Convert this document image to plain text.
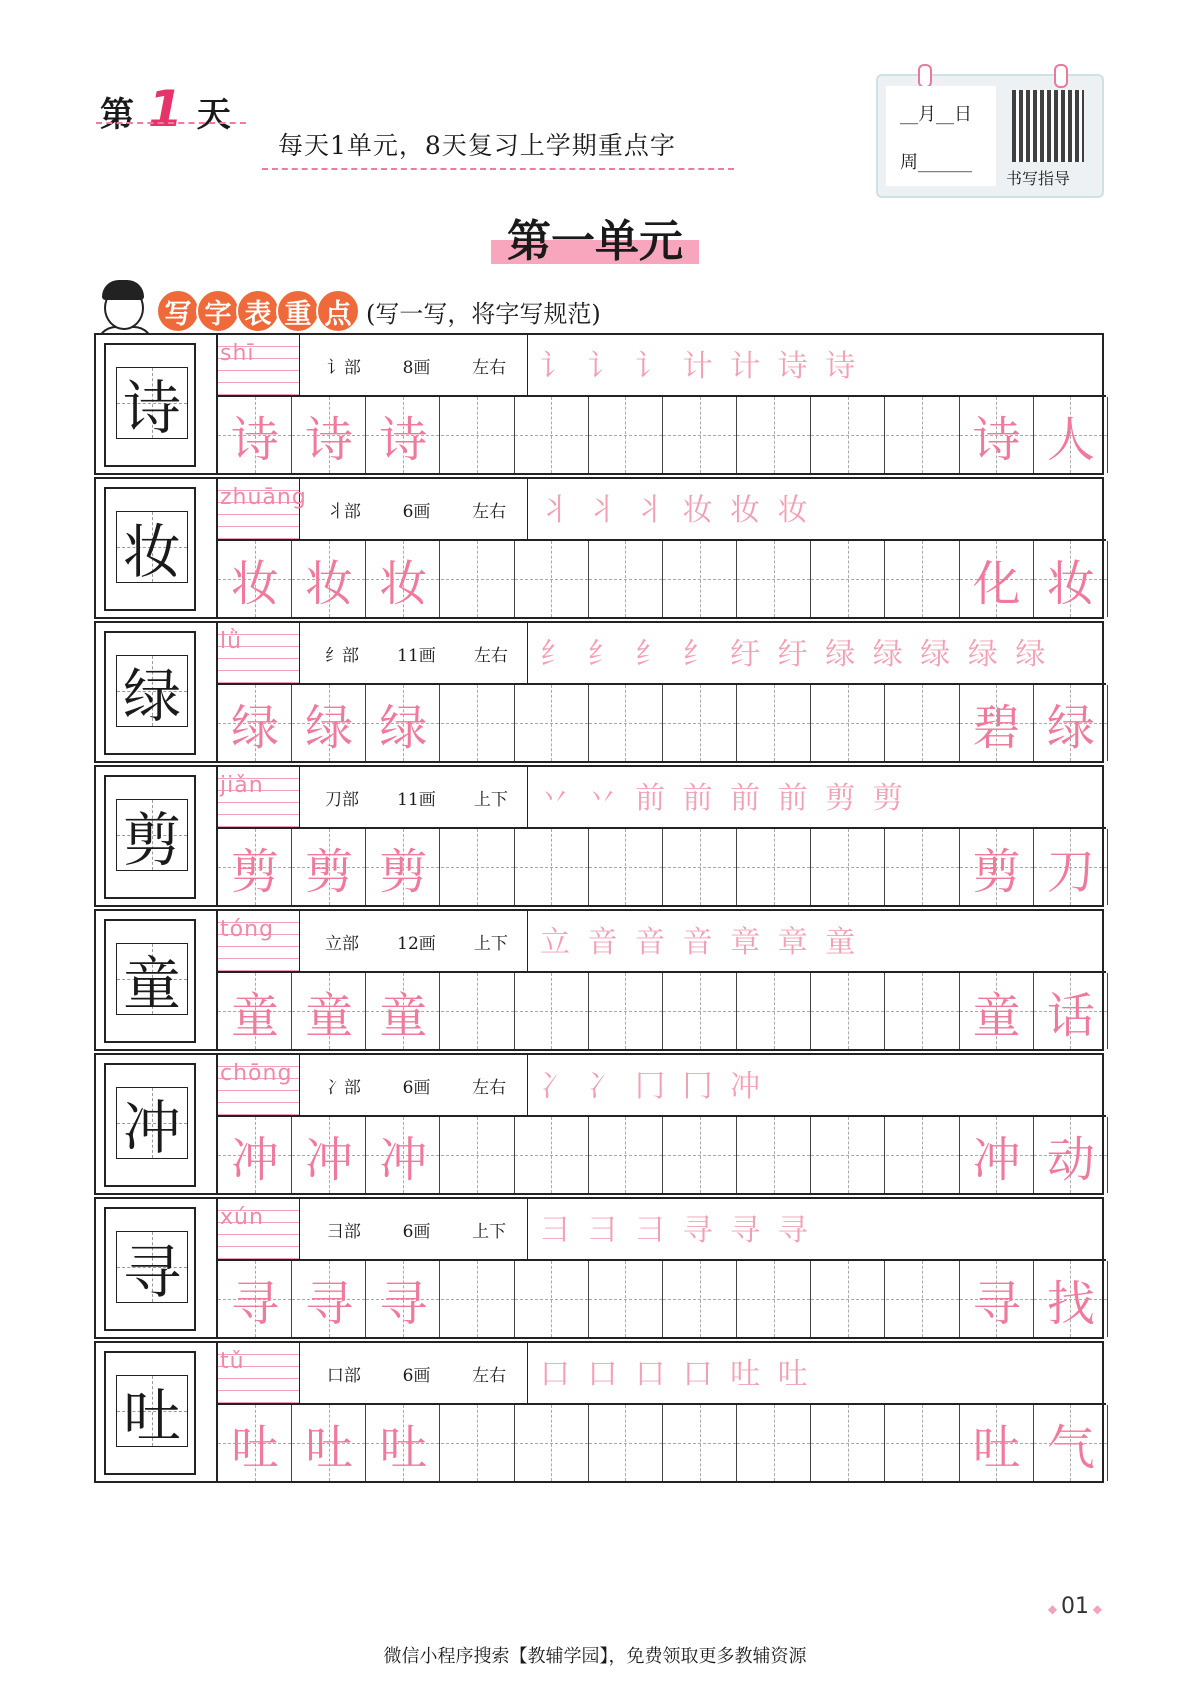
第 1 天
每天1单元，8天复习上学期重点字
__月__日
周______
书写指导
第一单元
写 字 表 重 点 (写一写，将字写规范)
诗
shī
讠部 8画 左右 讠 讠 讠 计 计 诗 诗
诗 诗 诗	诗 人
妆
zhuāng
丬部 6画 左右 丬 丬 丬 妆 妆 妆
妆 妆 妆	化 妆
绿
lǜ
纟部 11画 左右 纟 纟 纟 纟 纡 纡 绿 绿 绿 绿 绿
绿 绿 绿	碧 绿
剪
jiǎn
刀部 11画 上下 丷 丷 前 前 前 前 剪 剪
剪 剪 剪	剪 刀
童
tóng
立部 12画 上下 立 音 音 音 章 章 童
童 童 童	童 话
冲
chōng
冫部 6画 左右 冫 冫 冂 冂 冲
冲 冲 冲	冲 动
寻
xún
彐部 6画 上下 彐 彐 彐 寻 寻 寻
寻 寻 寻	寻 找
吐
tǔ
口部 6画 左右 口 口 口 口 吐 吐
吐 吐 吐	吐 气
◆ 01 ◆
微信小程序搜索【教辅学园】，免费领取更多教辅资源
